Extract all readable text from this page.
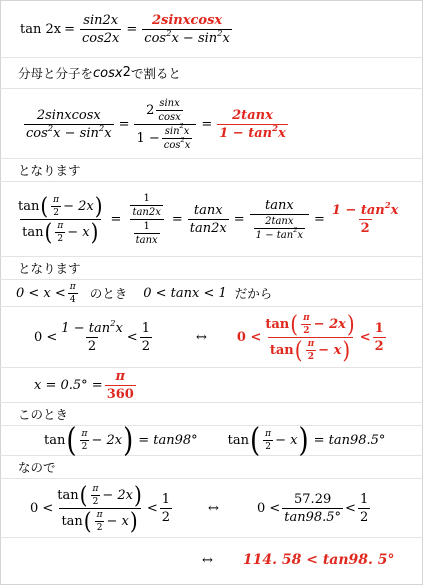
$\tan 2x = \frac{\sin 2x}{\cos 2x} = \frac{\text{2sinxcosx}}{\cos^2x - \sin^2x}$
分母と分子を cosx 2 で割ると
$\frac{\text{2sinxcosx}}{\cos^2x - \sin^2x} = \frac{2 \frac{\sin x}{\cos x}}{1 - \frac{\sin^2x}{\cos^2x}} = \frac{2\tan x}{1 - \tan^2x}$
となります
$\frac{\tan ( \frac{\pi}{2} - 2x )}{\tan ( \frac{\pi}{2} - x )} = \frac{\frac{1}{\tan 2x}}{\frac{1}{\tan x}} = \frac{\tan x}{\tan 2x} = \frac{\tan x}{\frac{2\tan x}{1 - \tan^2x}} = \frac{1 - \tan^2x}{2}$
となります
$0 < x < \frac{\pi}{4}$ のとき 0 < tanx < 1 だから
$0 < \frac{1 - \tan^2x}{2} < \frac{1}{2}$	↔ $0 < \frac{\tan ( \frac{\pi}{2} - 2x )}{\tan ( \frac{\pi}{2} - x )} < \frac{1}{2}$
$x = 0.5^\circ = \frac{\pi}{360}$
このとき
tan ( $\frac{\pi}{2} - 2x$ ) = tan98° tan ( $\frac{\pi}{2} - x$ ) = tan98.5°
なので
$0 < \frac{\tan ( \frac{\pi}{2} - 2x )}{\tan ( \frac{\pi}{2} - x )} < \frac{1}{2}$	↔	$0 < \frac{57.29}{\tan 98.5^\circ} < \frac{1}{2}$
↔ 114. 58 < tan98. 5°
